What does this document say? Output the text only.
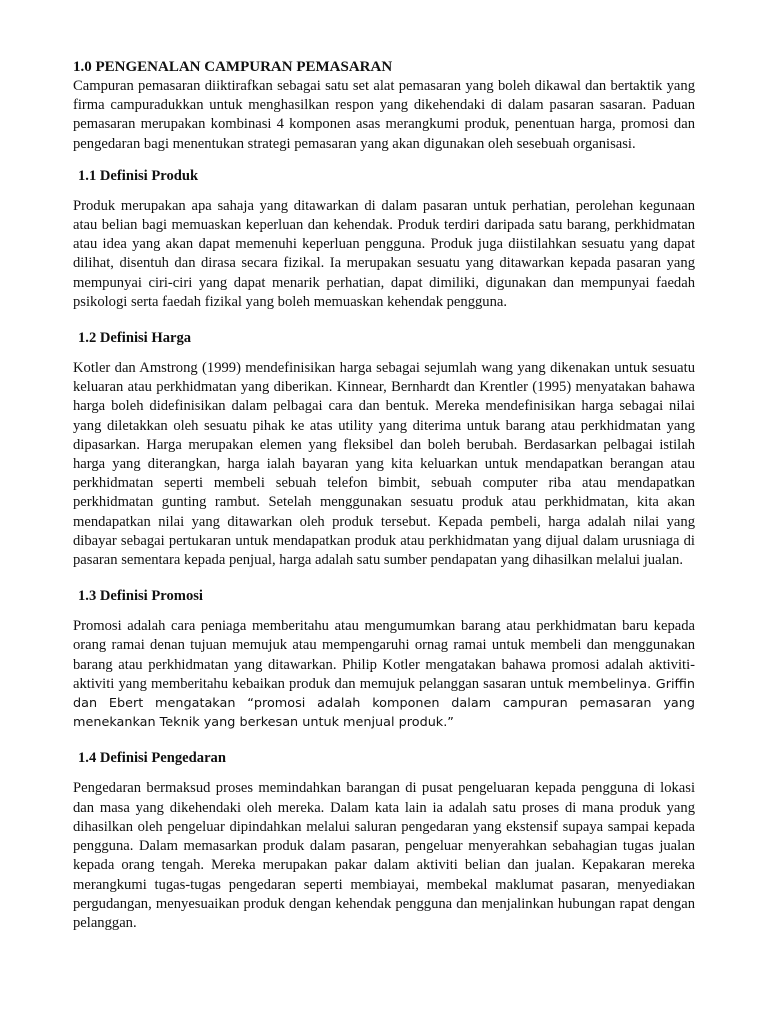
1.0 PENGENALAN CAMPURAN PEMASARAN

Campuran pemasaran diiktirafkan sebagai satu set alat pemasaran yang boleh dikawal dan bertaktik yang firma campuradukkan untuk menghasilkan respon yang dikehendaki di dalam pasaran sasaran. Paduan pemasaran merupakan kombinasi 4 komponen asas merangkumi produk, penentuan harga, promosi dan pengedaran bagi menentukan strategi pemasaran yang akan digunakan oleh sesebuah organisasi.

1.1 Definisi Produk

Produk merupakan apa sahaja yang ditawarkan di dalam pasaran untuk perhatian, perolehan kegunaan atau belian bagi memuaskan keperluan dan kehendak. Produk terdiri daripada satu barang, perkhidmatan atau idea yang akan dapat memenuhi keperluan pengguna. Produk juga diistilahkan sesuatu yang dapat dilihat, disentuh dan dirasa secara fizikal. Ia merupakan sesuatu yang ditawarkan kepada pasaran yang mempunyai ciri-ciri yang dapat menarik perhatian, dapat dimiliki, digunakan dan mempunyai faedah psikologi serta faedah fizikal yang boleh memuaskan kehendak pengguna.

1.2 Definisi Harga

Kotler dan Amstrong (1999) mendefinisikan harga sebagai sejumlah wang yang dikenakan untuk sesuatu keluaran atau perkhidmatan yang diberikan. Kinnear, Bernhardt dan Krentler (1995) menyatakan bahawa harga boleh didefinisikan dalam pelbagai cara dan bentuk. Mereka mendefinisikan harga sebagai nilai yang diletakkan oleh sesuatu pihak ke atas utility yang diterima untuk barang atau perkhidmatan yang dipasarkan. Harga merupakan elemen yang fleksibel dan boleh berubah. Berdasarkan pelbagai istilah harga yang diterangkan, harga ialah bayaran yang kita keluarkan untuk mendapatkan berangan atau perkhidmatan seperti membeli sebuah telefon bimbit, sebuah computer riba atau mendapatkan perkhidmatan gunting rambut. Setelah menggunakan sesuatu produk atau perkhidmatan, kita akan mendapatkan nilai yang ditawarkan oleh produk tersebut. Kepada pembeli, harga adalah nilai yang dibayar sebagai pertukaran untuk mendapatkan produk atau perkhidmatan yang dijual dalam urusniaga di pasaran sementara kepada penjual, harga adalah satu sumber pendapatan yang dihasilkan melalui jualan.

1.3 Definisi Promosi

Promosi adalah cara peniaga memberitahu atau mengumumkan barang atau perkhidmatan baru kepada orang ramai denan tujuan memujuk atau mempengaruhi ornag ramai untuk membeli dan menggunakan barang atau perkhidmatan yang ditawarkan. Philip Kotler mengatakan bahawa promosi adalah aktiviti-aktiviti yang memberitahu kebaikan produk dan memujuk pelanggan sasaran untuk membelinya. Griffin dan Ebert mengatakan “promosi adalah komponen dalam campuran pemasaran yang menekankan Teknik yang berkesan untuk menjual produk.”

1.4 Definisi Pengedaran

Pengedaran bermaksud proses memindahkan barangan di pusat pengeluaran kepada pengguna di lokasi dan masa yang dikehendaki oleh mereka. Dalam kata lain ia adalah satu proses di mana produk yang dihasilkan oleh pengeluar dipindahkan melalui saluran pengedaran yang ekstensif supaya sampai kepada pengguna. Dalam memasarkan produk dalam pasaran, pengeluar menyerahkan sebahagian tugas jualan kepada orang tengah. Mereka merupakan pakar dalam aktiviti belian dan jualan. Kepakaran mereka merangkumi tugas-tugas pengedaran seperti membiayai, membekal maklumat pasaran, menyediakan pergudangan, menyesuaikan produk dengan kehendak pengguna dan menjalinkan hubungan rapat dengan pelanggan.
